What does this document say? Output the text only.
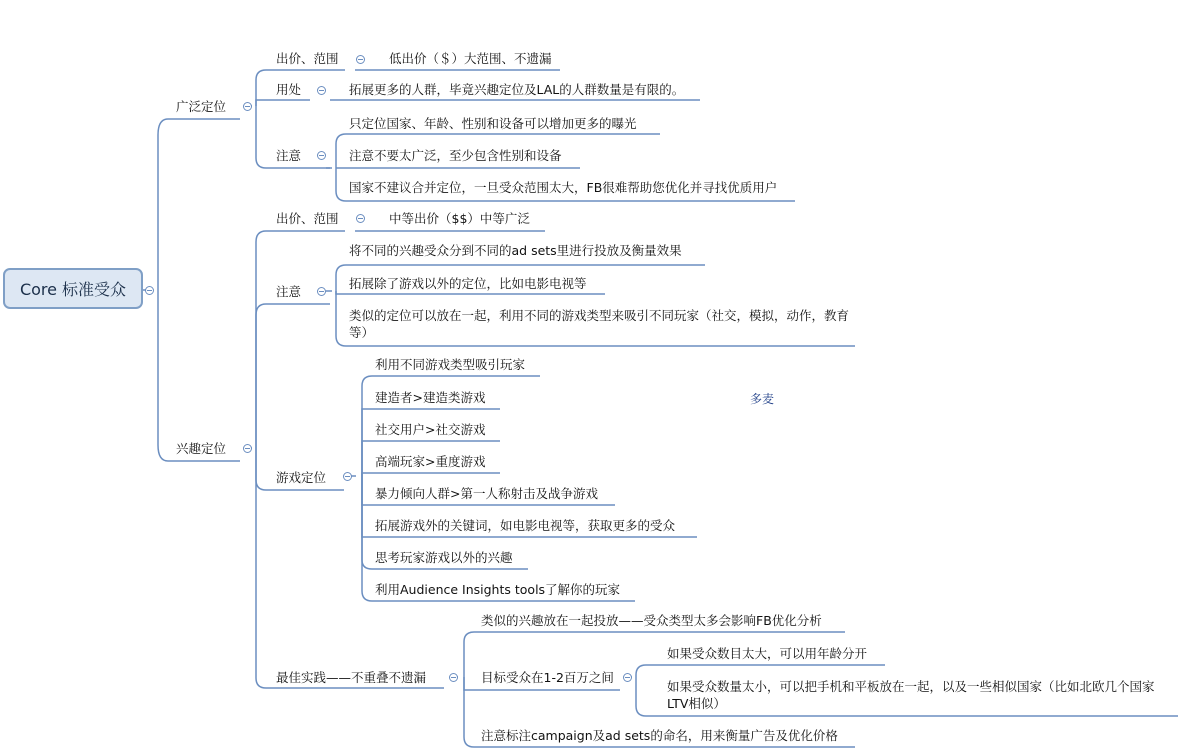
Core 标准受众
广泛定位
出价、范围	低出价（＄）大范围、不遗漏
用处	拓展更多的人群，毕竟兴趣定位及LAL的人群数量是有限的。
注意
只定位国家、年龄、性别和设备可以增加更多的曝光
注意不要太广泛，至少包含性别和设备
国家不建议合并定位，一旦受众范围太大，FB很难帮助您优化并寻找优质用户
兴趣定位
出价、范围	中等出价（$$）中等广泛
注意
将不同的兴趣受众分到不同的ad sets里进行投放及衡量效果
拓展除了游戏以外的定位，比如电影电视等
类似的定位可以放在一起，利用不同的游戏类型来吸引不同玩家（社交，模拟，动作，教育等）
游戏定位
利用不同游戏类型吸引玩家
建造者>建造类游戏
社交用户>社交游戏
高端玩家>重度游戏
暴力倾向人群>第一人称射击及战争游戏
拓展游戏外的关键词，如电影电视等，获取更多的受众
思考玩家游戏以外的兴趣
利用Audience Insights tools了解你的玩家
最佳实践——不重叠不遗漏
类似的兴趣放在一起投放——受众类型太多会影响FB优化分析
目标受众在1-2百万之间
如果受众数目太大，可以用年龄分开
如果受众数量太小，可以把手机和平板放在一起，以及一些相似国家（比如北欧几个国家LTV相似）
注意标注campaign及ad sets的命名，用来衡量广告及优化价格
多麦
